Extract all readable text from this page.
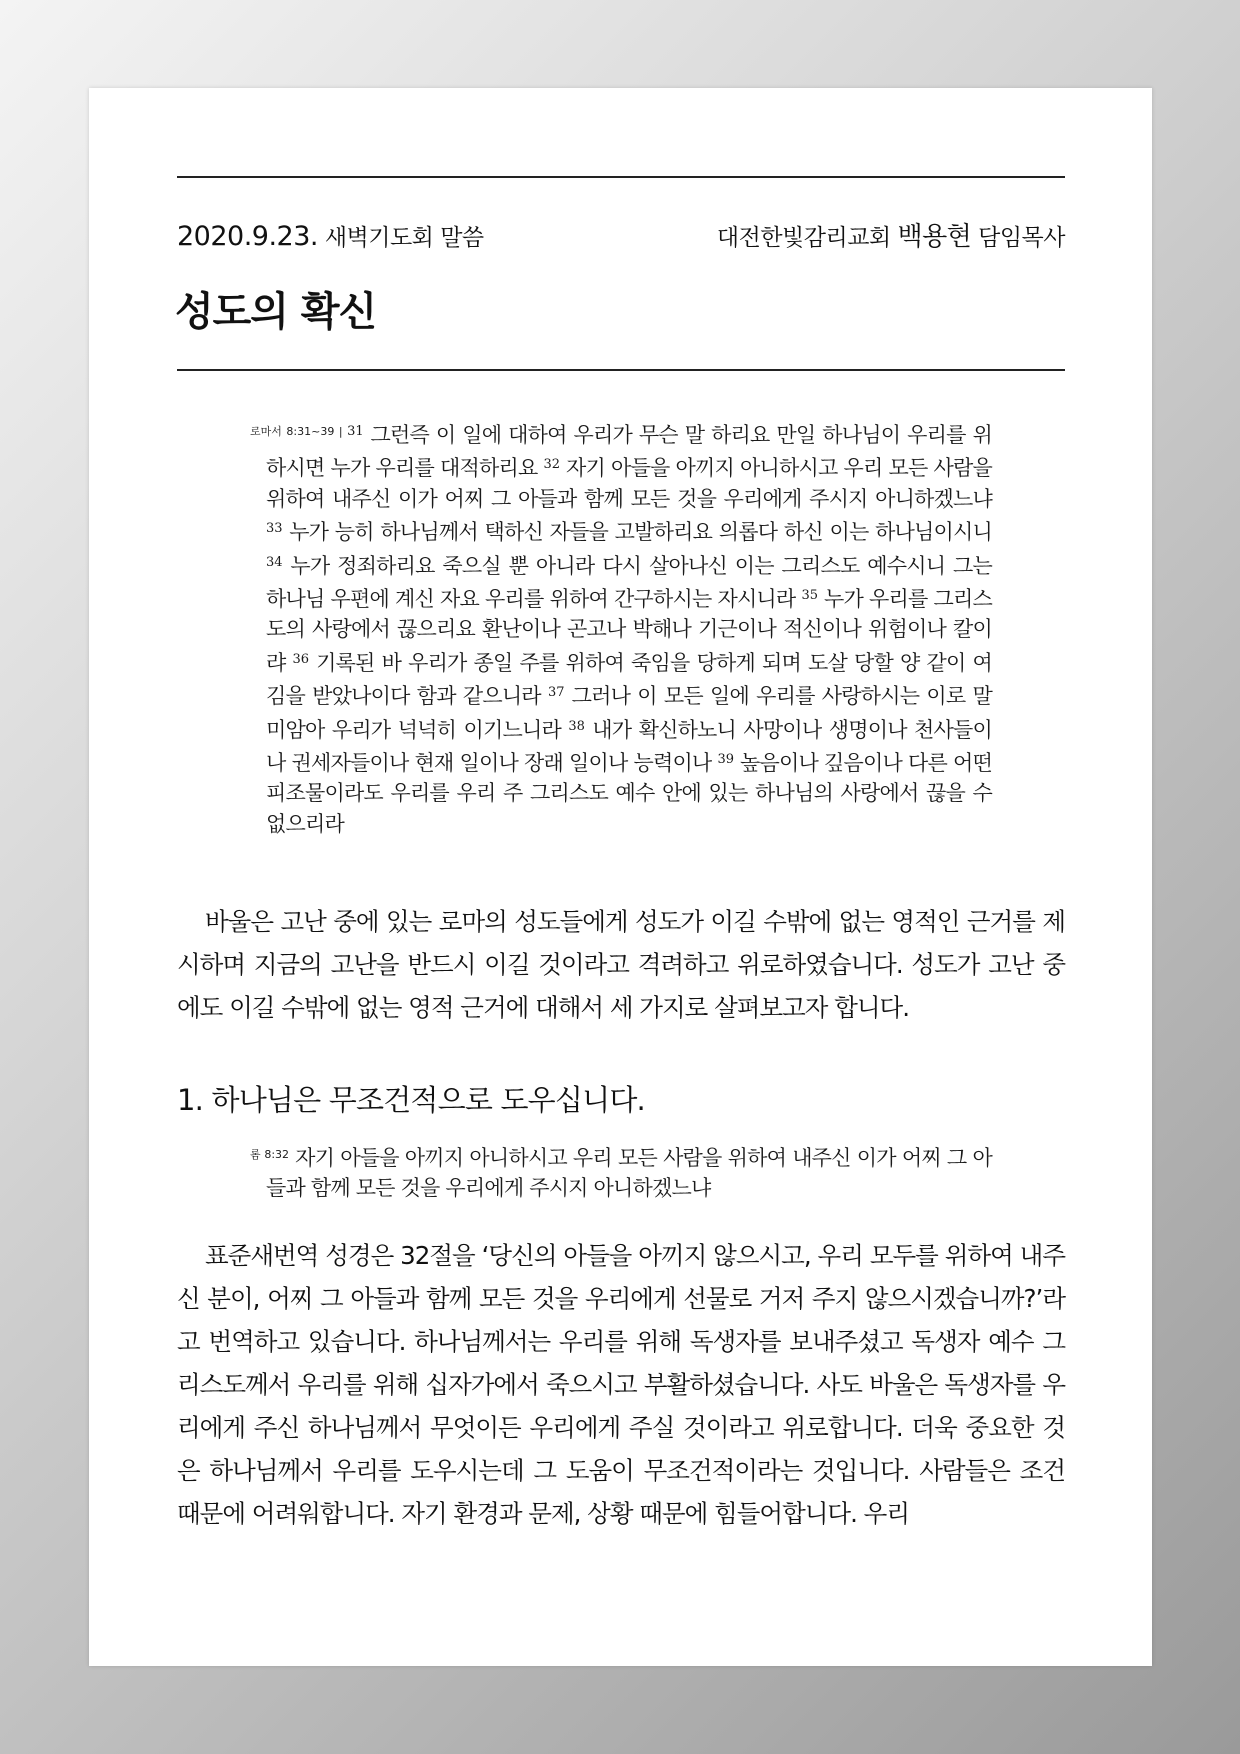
2020.9.23. 새벽기도회 말씀	대전한빛감리교회 백용현 담임목사
성도의 확신

$^{로마서 8:31\sim 39 |}$ $^{31}$ 그런즉 이 일에 대하여 우리가 무슨 말 하리요 만일 하나님이 우리를 위하시면 누가 우리를 대적하리요 $^{32}$ 자기 아들을 아끼지 아니하시고 우리 모든 사람을 위하여 내주신 이가 어찌 그 아들과 함께 모든 것을 우리에게 주시지 아니하겠느냐 $^{33}$ 누가 능히 하나님께서 택하신 자들을 고발하리요 의롭다 하신 이는 하나님이시니 $^{34}$ 누가 정죄하리요 죽으실 뿐 아니라 다시 살아나신 이는 그리스도 예수시니 그는 하나님 우편에 계신 자요 우리를 위하여 간구하시는 자시니라 $^{35}$ 누가 우리를 그리스도의 사랑에서 끊으리요 환난이나 곤고나 박해나 기근이나 적신이나 위험이나 칼이랴 $^{36}$ 기록된 바 우리가 종일 주를 위하여 죽임을 당하게 되며 도살 당할 양 같이 여김을 받았나이다 함과 같으니라 $^{37}$ 그러나 이 모든 일에 우리를 사랑하시는 이로 말미암아 우리가 넉넉히 이기느니라 $^{38}$ 내가 확신하노니 사망이나 생명이나 천사들이나 권세자들이나 현재 일이나 장래 일이나 능력이나 $^{39}$ 높음이나 깊음이나 다른 어떤 피조물이라도 우리를 우리 주 그리스도 예수 안에 있는 하나님의 사랑에서 끊을 수 없으리라

바울은 고난 중에 있는 로마의 성도들에게 성도가 이길 수밖에 없는 영적인 근거를 제시하며 지금의 고난을 반드시 이길 것이라고 격려하고 위로하였습니다. 성도가 고난 중에도 이길 수밖에 없는 영적 근거에 대해서 세 가지로 살펴보고자 합니다.

1. 하나님은 무조건적으로 도우십니다.

$^{롬 8:32}$ 자기 아들을 아끼지 아니하시고 우리 모든 사람을 위하여 내주신 이가 어찌 그 아들과 함께 모든 것을 우리에게 주시지 아니하겠느냐

표준새번역 성경은 32절을 ‘당신의 아들을 아끼지 않으시고, 우리 모두를 위하여 내주신 분이, 어찌 그 아들과 함께 모든 것을 우리에게 선물로 거저 주지 않으시겠습니까?’라고 번역하고 있습니다. 하나님께서는 우리를 위해 독생자를 보내주셨고 독생자 예수 그리스도께서 우리를 위해 십자가에서 죽으시고 부활하셨습니다. 사도 바울은 독생자를 우리에게 주신 하나님께서 무엇이든 우리에게 주실 것이라고 위로합니다. 더욱 중요한 것은 하나님께서 우리를 도우시는데 그 도움이 무조건적이라는 것입니다. 사람들은 조건 때문에 어려워합니다. 자기 환경과 문제, 상황 때문에 힘들어합니다. 우리
